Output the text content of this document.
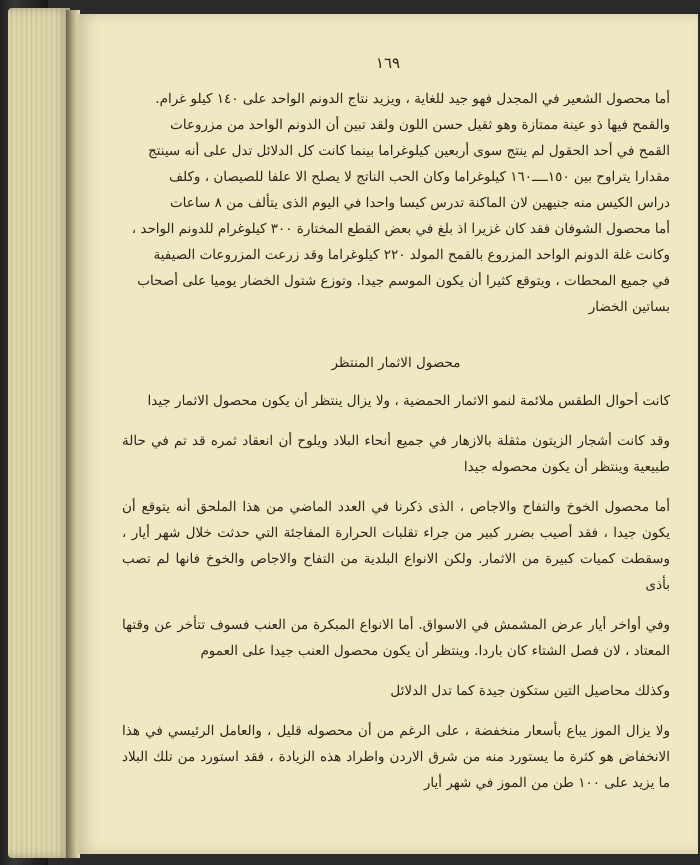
١٦٩

أما محصول الشعير في المجدل فهو جيد للغاية ، ويزيد نتاج الدونم الواحد على ١٤٠ كيلو غرام.

والقمح فيها ذو عينة ممتازة وهو ثقيل حسن اللون ولقد تبين أن الدونم الواحد من مزروعات

القمح في أحد الحقول لم ينتج سوى أربعين كيلوغراما بينما كانت كل الدلائل تدل على أنه سينتج

مقدارا يتراوح بين ١٥٠ــــ١٦٠ كيلوغراما وكان الحب الناتج لا يصلح الا علفا للصيصان ، وكلف

دراس الكيس منه جنيهين لان الماكنة تدرس كيسا واحدا في اليوم الذى يتألف من ٨ ساعات

أما محصول الشوفان فقد كان غزيرا اذ بلغ في بعض القطع المختارة ٣٠٠ كيلوغرام للدونم الواحد ،

وكانت غلة الدونم الواحد المزروع بالقمح المولد ٢٢٠ كيلوغراما وقد زرعت المزروعات الصيفية

في جميع المحطات ، ويتوقع كثيرا أن يكون الموسم جيدا. وتوزع شتول الخضار يوميا على أصحاب

بساتين الخضار

محصول الاثمار المنتظر

كانت أحوال الطقس ملائمة لنمو الاثمار الحمضية ، ولا يزال ينتظر أن يكون محصول الاثمار جيدا

وقد كانت أشجار الزيتون مثقلة بالازهار في جميع أنحاء البلاد ويلوح أن انعقاد ثمره قد تم في حالة طبيعية وينتظر أن يكون محصوله جيدا

أما محصول الخوخ والتفاح والاجاص ، الذى ذكرنا في العدد الماضي من هذا الملحق أنه يتوقع أن يكون جيدا ، فقد أصيب بضرر كبير من جراء تقلبات الحرارة المفاجئة التي حدثت خلال شهر أيار ، وسقطت كميات كبيرة من الاثمار. ولكن الانواع البلدية من التفاح والاجاص والخوخ فانها لم تصب بأذى

وفي أواخر أيار عرض المشمش في الاسواق. أما الانواع المبكرة من العنب فسوف تتأخر عن وقتها المعتاد ، لان فصل الشتاء كان باردا. وينتظر أن يكون محصول العنب جيدا على العموم

وكذلك محاصيل التين ستكون جيدة كما تدل الدلائل

ولا يزال الموز يباع بأسعار منخفضة ، على الرغم من أن محصوله قليل ، والعامل الرئيسي في هذا الانخفاض هو كثرة ما يستورد منه من شرق الاردن واطراد هذه الزيادة ، فقد استورد من تلك البلاد ما يزيد على ١٠٠ طن من الموز في شهر أيار
